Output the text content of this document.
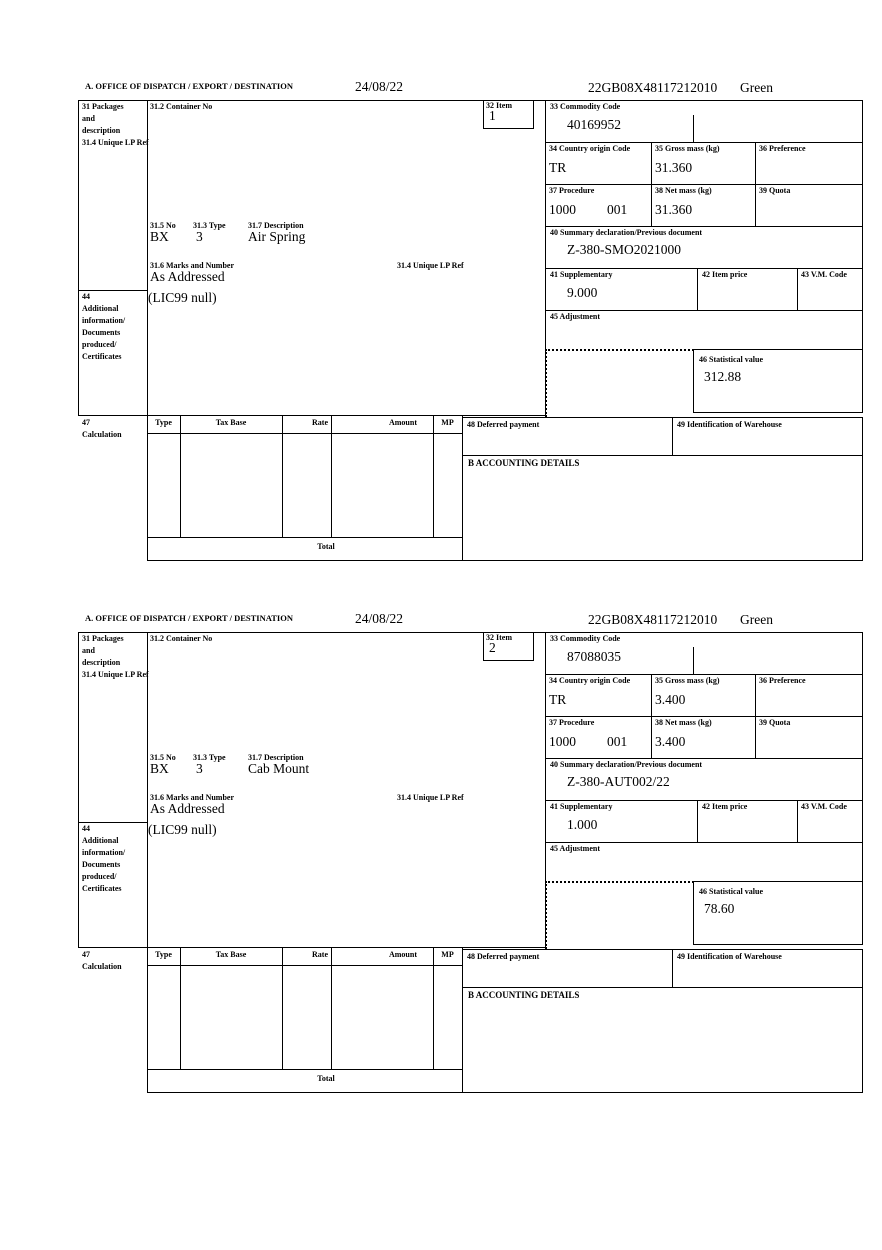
A. OFFICE OF DISPATCH / EXPORT / DESTINATION	24/08/22	22GB08X48117212010 Green
31 Packages
and
description
31.4 Unique LP Ref
31.2 Container No	32 Item
1
33 Commodity Code
40169952
34 Country origin Code
TR
35 Gross mass (kg)
31.360
36 Preference
37 Procedure
1000 001
38 Net mass (kg)
31.360
39 Quota
40 Summary declaration/Previous document
Z-380-SMO2021000
41 Supplementary
9.000
42 Item price	43 V.M. Code
45 Adjustment
46 Statistical value
312.88
31.5 No 31.3 Type	31.7 Description
BX 3	Air Spring
31.6 Marks and Number	31.4 Unique LP Ref
As Addressed
44
Additional
information/
Documents
produced/
Certificates
(LIC99 null)
47
Calculation
Type	Tax Base	Rate	Amount	MP
Total
48 Deferred payment	49 Identification of Warehouse
B ACCOUNTING DETAILS
A. OFFICE OF DISPATCH / EXPORT / DESTINATION	24/08/22	22GB08X48117212010 Green
31 Packages
and
description
31.4 Unique LP Ref
31.2 Container No	32 Item
2
33 Commodity Code
87088035
34 Country origin Code
TR
35 Gross mass (kg)
3.400
36 Preference
37 Procedure
1000 001
38 Net mass (kg)
3.400
39 Quota
40 Summary declaration/Previous document
Z-380-AUT002/22
41 Supplementary
1.000
42 Item price	43 V.M. Code
45 Adjustment
46 Statistical value
78.60
31.5 No 31.3 Type	31.7 Description
BX 3	Cab Mount
31.6 Marks and Number	31.4 Unique LP Ref
As Addressed
44
Additional
information/
Documents
produced/
Certificates
(LIC99 null)
47
Calculation
Type	Tax Base	Rate	Amount	MP
Total
48 Deferred payment	49 Identification of Warehouse
B ACCOUNTING DETAILS
